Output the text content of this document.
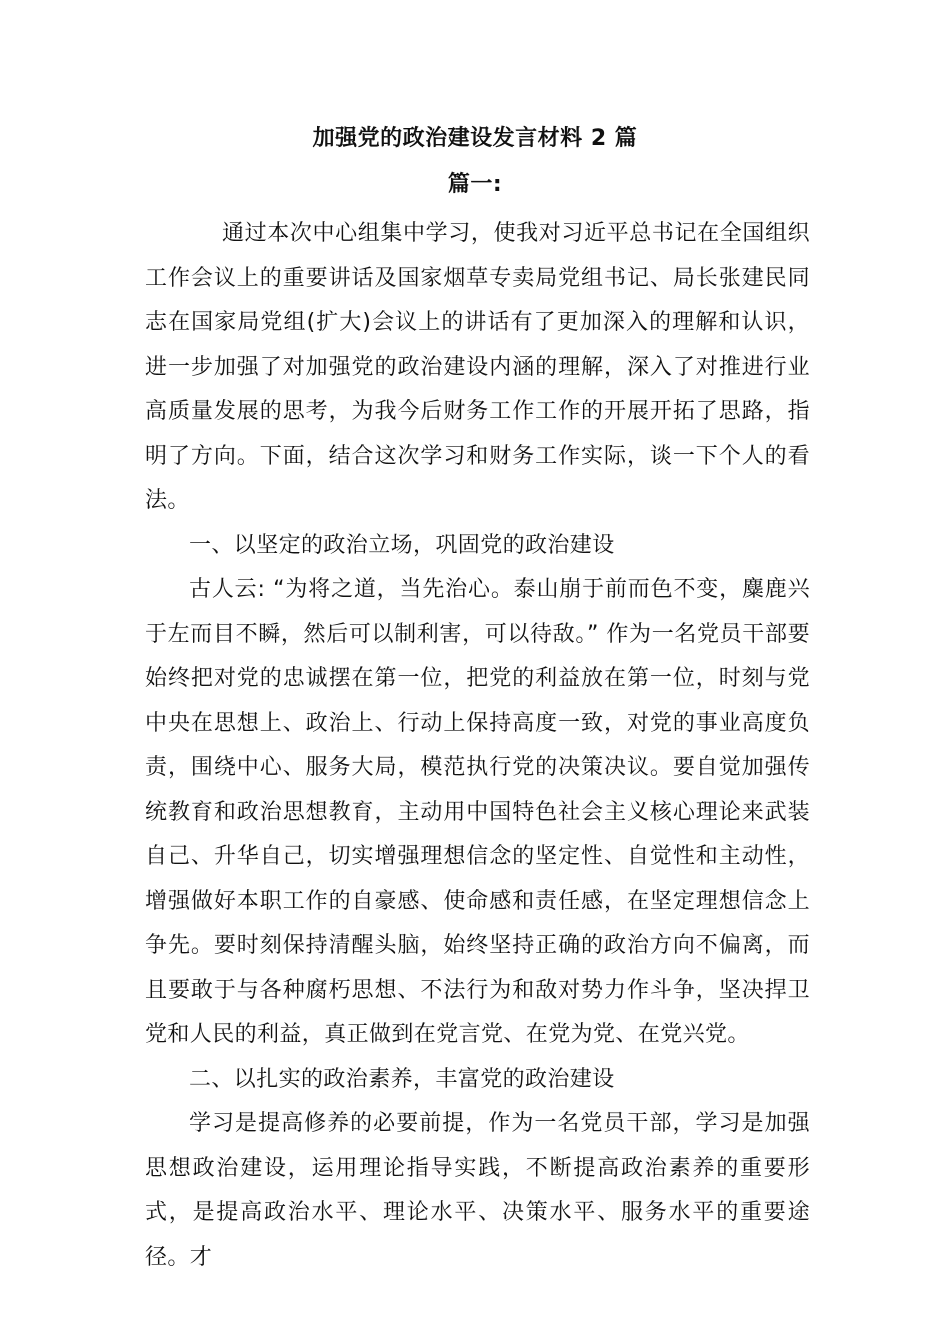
加强党的政治建设发言材料 2 篇
篇一:

通过本次中心组集中学习，使我对习近平总书记在全国组织工作会议上的重要讲话及国家烟草专卖局党组书记、局长张建民同志在国家局党组(扩大)会议上的讲话有了更加深入的理解和认识，进一步加强了对加强党的政治建设内涵的理解，深入了对推进行业高质量发展的思考，为我今后财务工作工作的开展开拓了思路，指明了方向。下面，结合这次学习和财务工作实际，谈一下个人的看法。

一、以坚定的政治立场，巩固党的政治建设

古人云: “为将之道，当先治心。泰山崩于前而色不变，麋鹿兴于左而目不瞬，然后可以制利害，可以待敌。” 作为一名党员干部要始终把对党的忠诚摆在第一位，把党的利益放在第一位，时刻与党中央在思想上、政治上、行动上保持高度一致，对党的事业高度负责，围绕中心、服务大局，模范执行党的决策决议。要自觉加强传统教育和政治思想教育，主动用中国特色社会主义核心理论来武装自己、升华自己，切实增强理想信念的坚定性、自觉性和主动性，增强做好本职工作的自豪感、使命感和责任感，在坚定理想信念上争先。要时刻保持清醒头脑，始终坚持正确的政治方向不偏离，而且要敢于与各种腐朽思想、不法行为和敌对势力作斗争，坚决捍卫党和人民的利益，真正做到在党言党、在党为党、在党兴党。

二、以扎实的政治素养，丰富党的政治建设

学习是提高修养的必要前提，作为一名党员干部，学习是加强思想政治建设，运用理论指导实践，不断提高政治素养的重要形式，是提高政治水平、理论水平、决策水平、服务水平的重要途径。才
